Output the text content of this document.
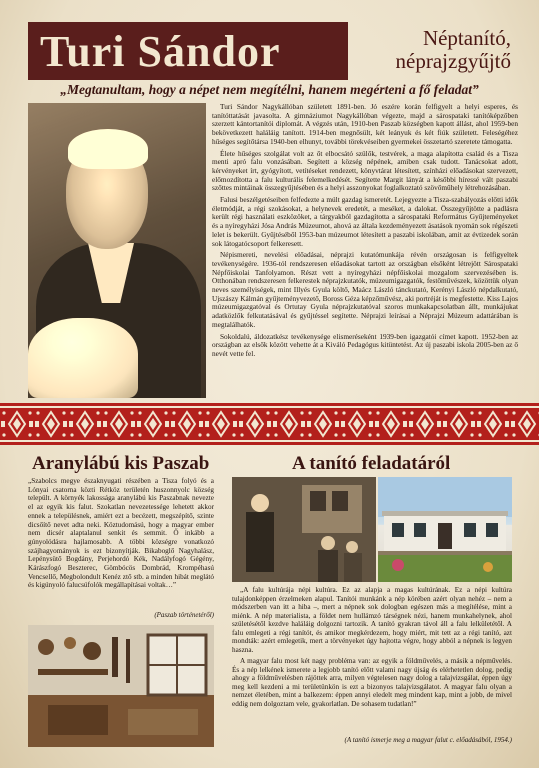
Turi Sándor	Néptanító,
néprajzgyűjtő
„Megtanultam, hogy a népet nem megítélni, hanem megérteni a fő feladat”

Turi Sándor Nagykállóban született 1891-ben. Jó eszére korán felfigyelt a helyi esperes, és tanítóttatását javasolta. A gimnáziumot Nagykállóban végezte, majd a sárospataki tanítóképzőben szerzett kántortanítói diplomát. A végzés után, 1910-ben Paszab községben kapott állást, ahol 1959-ben bekövetkezett haláláig tanított. 1914-ben megnősült, két leányuk és két fiúk született. Feleségéhez hűséges segítőtársa 1940-ben elhunyt, további törekvéseiben gyermekei összetartó szeretete támogatta.

Élete hűséges szolgálat volt az őt elbocsátó szülők, testvérek, a maga alapította család és a Tisza menti apró falu vonzásában. Segített a község népének, amiben csak tudott. Tanácsokat adott, kérvényeket írt, gyógyított, vetítéseket rendezett, könyvtárat létesített, színházi előadásokat szervezett, előmozdította a falu kulturális felemelkedését. Segítette Margit lányát a későbbi híressé vált paszabi szőttes mintáinak összegyűjtésében és a helyi asszonyokat foglalkoztató szövőműhely létrehozásában.

Falusi beszélgetéseiben felfedezte a múlt gazdag ismeretét. Lejegyezte a Tisza-szabályozás előtti idők életmódját, a régi szokásokat, a helynevek eredetét, a meséket, a dalokat. Összegyűjtötte a padlásra került régi használati eszközöket, a tárgyakból gazdagította a sárospataki Református Gyűjteményeket és a nyíregyházi Jósa András Múzeumot, ahová az általa kezdeményezett ásatások nyomán sok régészeti lelet is bekerült. Gyűjtéséből 1953-ban múzeumot létesített a paszabi iskolában, amit az évtizedek során sok látogatócsoport felkeresett.

Népismereti, nevelési előadásai, néprajzi kutatómunkája révén országosan is felfigyeltek tevékenységére. 1936-tól rendszeresen előadásokat tartott az országban elsőként létrejött Sárospataki Népfőiskolai Tanfolyamon. Részt vett a nyíregyházi népfőiskolai mozgalom szervezésében is. Otthonában rendszeresen felkerestek néprajzkutatók, múzeumigazgatók, festőművészek, közöttük olyan neves személyiségek, mint Illyés Gyula költő, Maácz László tánckutató, Kerényi László népdalkutató, Ujszászy Kálmán gyűjteményvezető, Boross Géza képzőművész, aki portréját is megfestette. Kiss Lajos múzeumigazgatóval és Ortutay Gyula néprajzkutatóval szoros munkakapcsolatban állt, munkájukat adatközlők felkutatásával és gyűjtéssel segítette. Néprajzi leírásai a Néprajzi Múzeum adattárában is megtalálhatók.

Sokoldalú, áldozatkész tevékenysége elismeréseként 1939-ben igazgatói címet kapott. 1952-ben az országban az elsők között vehette át a Kiváló Pedagógus kitüntetést. Az új paszabi iskola 2005-ben az ő nevét vette fel.

Aranylábú kis Paszab	A tanító feladatáról
„Szabolcs megye északnyugati részében a Tisza folyó és a Lónyai csatorna közti Rétköz területén huszonnyolc község települt. A környék lakossága aranylábú kis Paszabnak nevezte el az egyik kis falut. Szokatlan nevezetessége lehetett akkor ennek a településnek, amiért ezt a becézett, megszépítő, szinte dicsőítő nevet adta neki. Köztudomású, hogy a magyar ember nem dicsér alaptalanul senkit és semmit. Ő inkább a gúnyolódásra hajlamosabb. A többi községre vonatkozó szájhagyományok is ezt bizonyítják. Bikaboglő Nagyhalász, Lepénysütő Bogdány, Perjehordó Kék, Nadályfogó Gégény, Kárászfogó Beszterec, Gömbócös Dombrád, Krompéhasú Vencsellő, Megbolondult Kenéz ztő stb. a minden hibát meglátó és kigúnyoló falucsúfolók megállapításai voltak…”
(Paszab történetéről)

„A falu kultúrája népi kultúra. Ez az alapja a magas kultúrának. Ez a népi kultúra tulajdonképpen érzelmeken alapul. Tanítói munkánk a nép körében azért olyan nehéz – nem a módszerben van itt a hiba –, mert a népnek sok dologban egészen más a megítélése, mint a miénk. A nép materialista, a földet nem hullámzó társégnek nézi, hanem munkahelynek, ahol születésétől kezdve haláláig dolgozni tartozik. A tanító gyakran távol áll a falu lelkületétől. A falu emlegeti a régi tanítót, és amikor megkérdezem, hogy miért, mit tett az a régi tanító, azt mondták: azért emlegetik, mert a törvényeket úgy hajtotta végre, hogy abból a népnek is legyen haszna.

A magyar falu most két nagy probléma van: az egyik a földművelés, a másik a népművelés. És a nép lelkének ismerete a legjobb tanító előtt valami nagy újság és elérhetetlen dolog, pedig ahogy a földművelésben rájöttek arra, milyen végtelesen nagy dolog a talajvizsgálat, éppen úgy meg kell kezdeni a mi területünkön is ezt a bizonyos talajvizsgálatot. A magyar falu olyan a nemzet életében, mint a balkezem: éppen annyi eledelt meg mindent kap, mint a jobb, de mivel eddig nem dolgoztam vele, gyakorlatlan. De sohasem tudatlan!”

(A tanító ismerje meg a magyar falut c. előadásából, 1954.)
